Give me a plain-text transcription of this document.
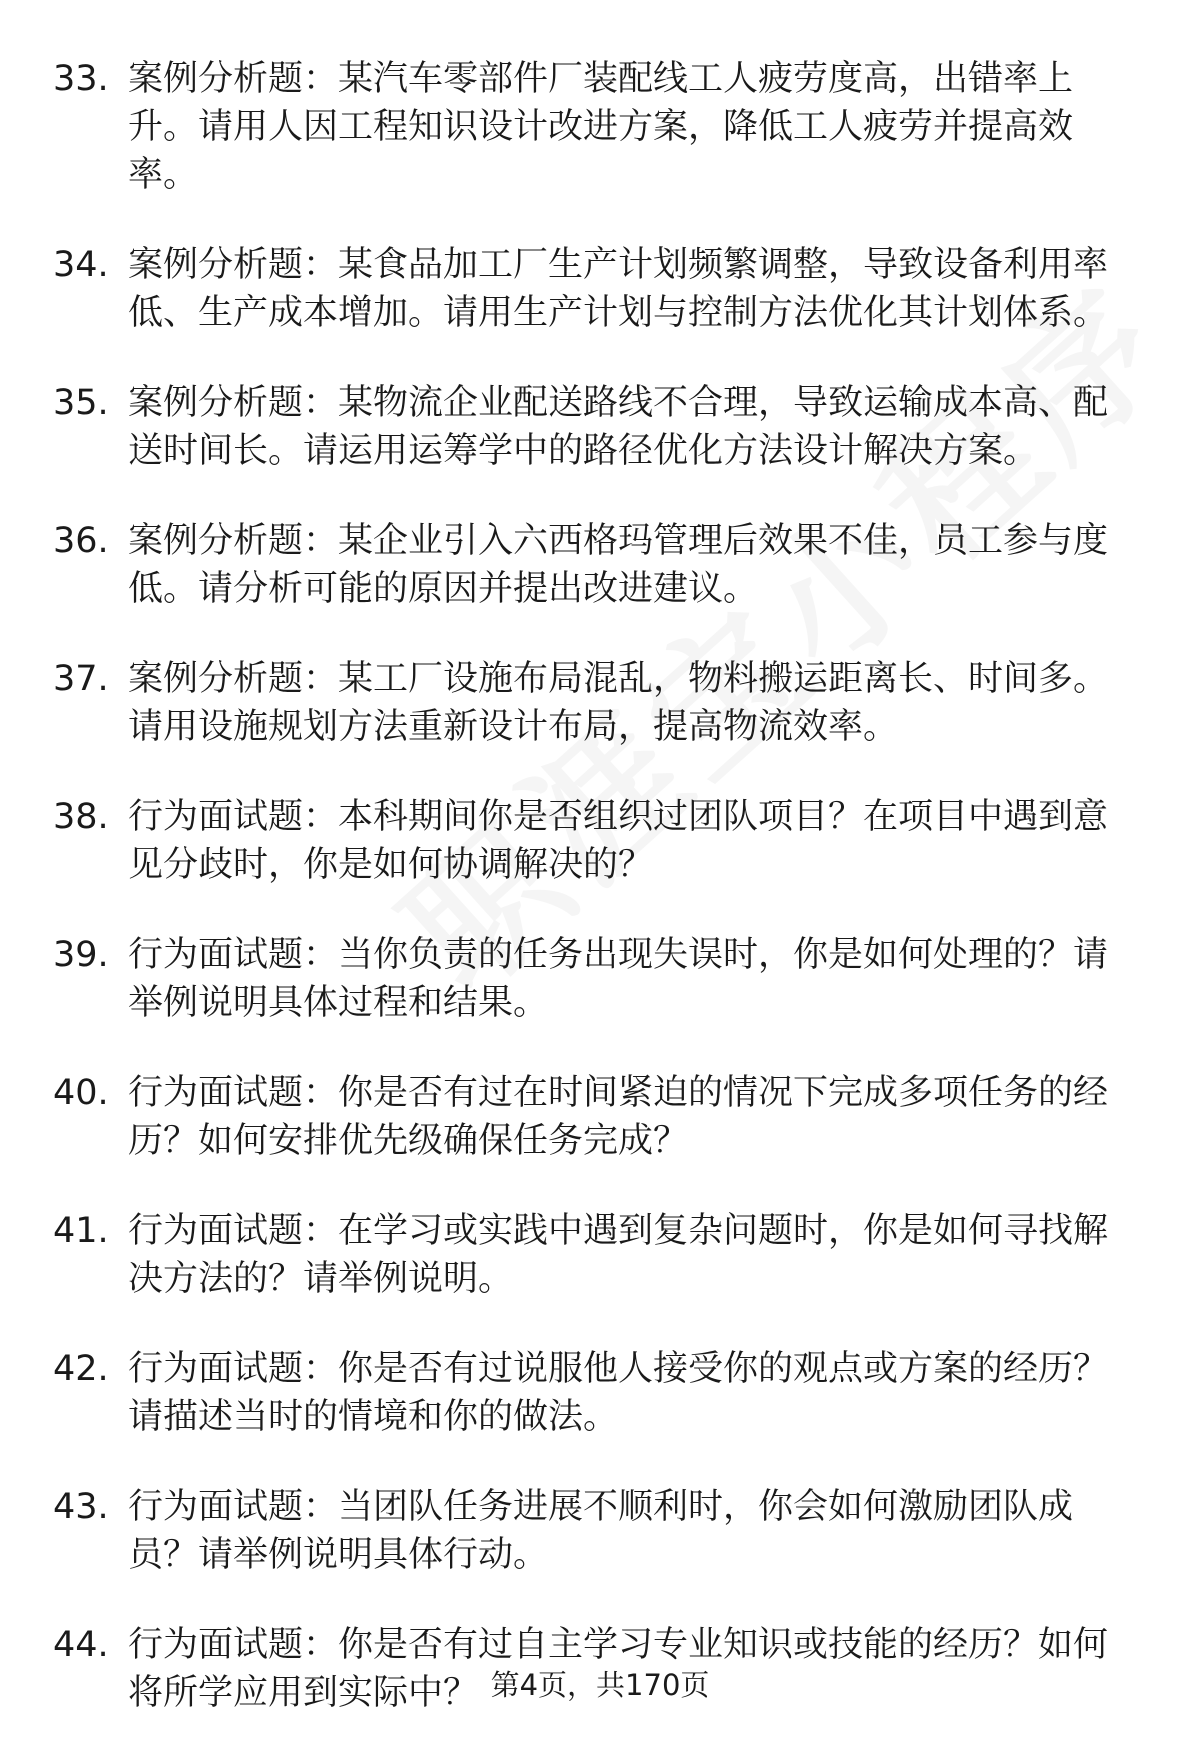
33. 案例分析题：某汽车零部件厂装配线工人疲劳度高，出错率上升。请用人因工程知识设计改进方案，降低工人疲劳并提高效率。
34. 案例分析题：某食品加工厂生产计划频繁调整，导致设备利用率低、生产成本增加。请用生产计划与控制方法优化其计划体系。
35. 案例分析题：某物流企业配送路线不合理，导致运输成本高、配送时间长。请运用运筹学中的路径优化方法设计解决方案。
36. 案例分析题：某企业引入六西格玛管理后效果不佳，员工参与度低。请分析可能的原因并提出改进建议。
37. 案例分析题：某工厂设施布局混乱，物料搬运距离长、时间多。请用设施规划方法重新设计布局，提高物流效率。
38. 行为面试题：本科期间你是否组织过团队项目？在项目中遇到意见分歧时，你是如何协调解决的？
39. 行为面试题：当你负责的任务出现失误时，你是如何处理的？请举例说明具体过程和结果。
40. 行为面试题：你是否有过在时间紧迫的情况下完成多项任务的经历？如何安排优先级确保任务完成？
41. 行为面试题：在学习或实践中遇到复杂问题时，你是如何寻找解决方法的？请举例说明。
42. 行为面试题：你是否有过说服他人接受你的观点或方案的经历？请描述当时的情境和你的做法。
43. 行为面试题：当团队任务进展不顺利时，你会如何激励团队成员？请举例说明具体行动。
44. 行为面试题：你是否有过自主学习专业知识或技能的经历？如何将所学应用到实际中？ 第4页，共170页
